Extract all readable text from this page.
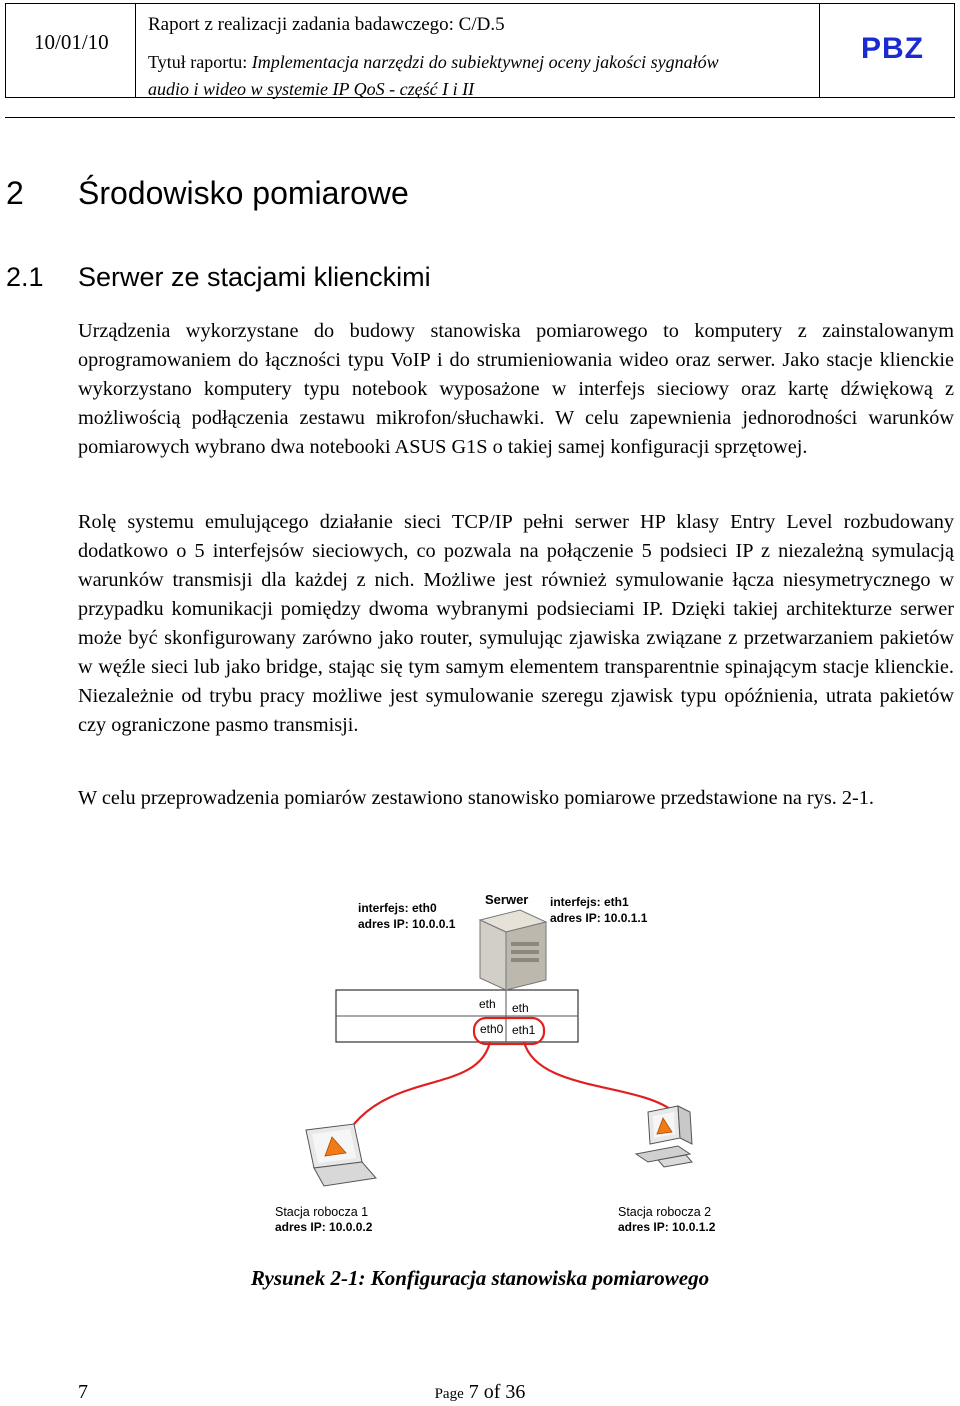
10/01/10
Raport z realizacji zadania badawczego: C/D.5
Tytuł raportu: Implementacja narzędzi do subiektywnej oceny jakości sygnałów
audio i wideo w systemie IP QoS - część I i II
PBZ
2 Środowisko pomiarowe
2.1 Serwer ze stacjami klienckimi

Urządzenia wykorzystane do budowy stanowiska pomiarowego to komputery z zainstalowanym oprogramowaniem do łączności typu VoIP i do strumieniowania wideo oraz serwer. Jako stacje klienckie wykorzystano komputery typu notebook wyposażone w interfejs sieciowy oraz kartę dźwiękową z możliwością podłączenia zestawu mikrofon/słuchawki. W celu zapewnienia jednorodności warunków pomiarowych wybrano dwa notebooki ASUS G1S o takiej samej konfiguracji sprzętowej.

Rolę systemu emulującego działanie sieci TCP/IP pełni serwer HP klasy Entry Level rozbudowany dodatkowo o 5 interfejsów sieciowych, co pozwala na połączenie 5 podsieci IP z niezależną symulacją warunków transmisji dla każdej z nich. Możliwe jest również symulowanie łącza niesymetrycznego w przypadku komunikacji pomiędzy dwoma wybranymi podsieciami IP. Dzięki takiej architekturze serwer może być skonfigurowany zarówno jako router, symulując zjawiska związane z przetwarzaniem pakietów w węźle sieci lub jako bridge, stając się tym samym elementem transparentnie spinającym stacje klienckie. Niezależnie od trybu pracy możliwe jest symulowanie szeregu zjawisk typu opóźnienia, utrata pakietów czy ograniczone pasmo transmisji.

W celu przeprowadzenia pomiarów zestawiono stanowisko pomiarowe przedstawione na rys. 2-1.

eth eth
eth0 eth1
Serwer
interfejs: eth0
adres IP: 10.0.0.1
interfejs: eth1
adres IP: 10.0.1.1
Stacja robocza 1
adres IP: 10.0.0.2
Stacja robocza 2
adres IP: 10.0.1.2
Rysunek 2-1: Konfiguracja stanowiska pomiarowego
7	Page 7 of 36
